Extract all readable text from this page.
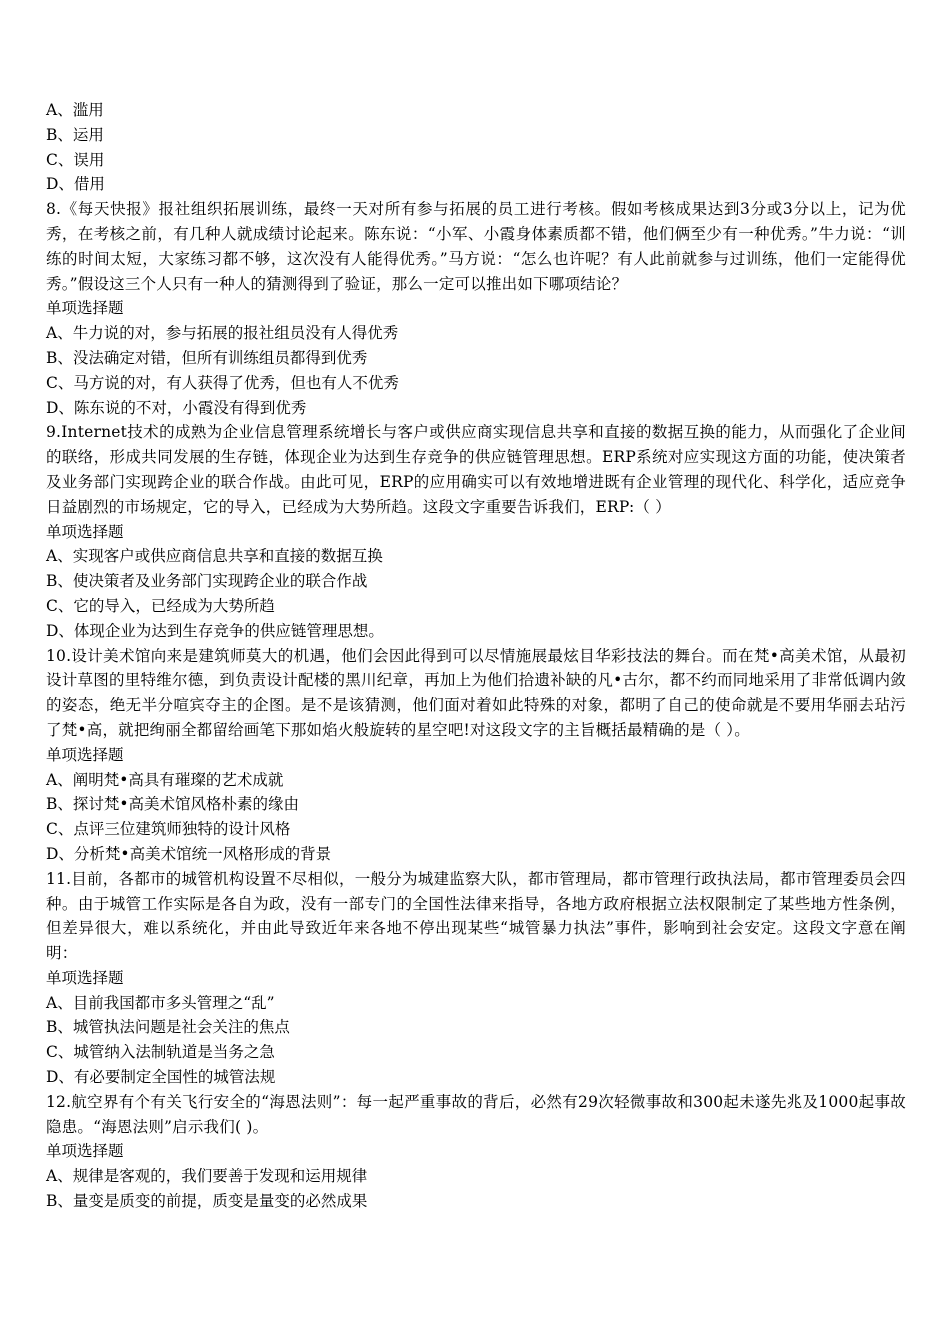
A、滥用
B、运用
C、误用
D、借用
8.《每天快报》报社组织拓展训练，最终一天对所有参与拓展的员工进行考核。假如考核成果达到3分或3分以上，记为优秀，在考核之前，有几种人就成绩讨论起来。陈东说：“小军、小霞身体素质都不错，他们俩至少有一种优秀。”牛力说：“训练的时间太短，大家练习都不够，这次没有人能得优秀。”马方说：“怎么也许呢？有人此前就参与过训练，他们一定能得优秀。”假设这三个人只有一种人的猜测得到了验证，那么一定可以推出如下哪项结论？
单项选择题
A、牛力说的对，参与拓展的报社组员没有人得优秀
B、没法确定对错，但所有训练组员都得到优秀
C、马方说的对，有人获得了优秀，但也有人不优秀
D、陈东说的不对，小霞没有得到优秀
9.Internet技术的成熟为企业信息管理系统增长与客户或供应商实现信息共享和直接的数据互换的能力，从而强化了企业间的联络，形成共同发展的生存链，体现企业为达到生存竞争的供应链管理思想。ERP系统对应实现这方面的功能，使决策者及业务部门实现跨企业的联合作战。由此可见，ERP的应用确实可以有效地增进既有企业管理的现代化、科学化，适应竞争日益剧烈的市场规定，它的导入，已经成为大势所趋。这段文字重要告诉我们，ERP:（ ）
单项选择题
A、实现客户或供应商信息共享和直接的数据互换
B、使决策者及业务部门实现跨企业的联合作战
C、它的导入，已经成为大势所趋
D、体现企业为达到生存竞争的供应链管理思想。
10.设计美术馆向来是建筑师莫大的机遇，他们会因此得到可以尽情施展最炫目华彩技法的舞台。而在梵•高美术馆，从最初设计草图的里特维尔德，到负责设计配楼的黑川纪章，再加上为他们拾遗补缺的凡•古尔，都不约而同地采用了非常低调内敛的姿态，绝无半分喧宾夺主的企图。是不是该猜测，他们面对着如此特殊的对象，都明了自己的使命就是不要用华丽去玷污了梵•高，就把绚丽全都留给画笔下那如焰火般旋转的星空吧!对这段文字的主旨概括最精确的是（ ）。
单项选择题
A、阐明梵•高具有璀璨的艺术成就
B、探讨梵•高美术馆风格朴素的缘由
C、点评三位建筑师独特的设计风格
D、分析梵•高美术馆统一风格形成的背景
11.目前，各都市的城管机构设置不尽相似，一般分为城建监察大队，都市管理局，都市管理行政执法局，都市管理委员会四种。由于城管工作实际是各自为政，没有一部专门的全国性法律来指导，各地方政府根据立法权限制定了某些地方性条例，但差异很大，难以系统化，并由此导致近年来各地不停出现某些“城管暴力执法”事件，影响到社会安定。这段文字意在阐明：
单项选择题
A、目前我国都市多头管理之“乱”
B、城管执法问题是社会关注的焦点
C、城管纳入法制轨道是当务之急
D、有必要制定全国性的城管法规
12.航空界有个有关飞行安全的“海恩法则”：每一起严重事故的背后，必然有29次轻微事故和300起未遂先兆及1000起事故隐患。“海恩法则”启示我们( )。
单项选择题
A、规律是客观的，我们要善于发现和运用规律
B、量变是质变的前提，质变是量变的必然成果
